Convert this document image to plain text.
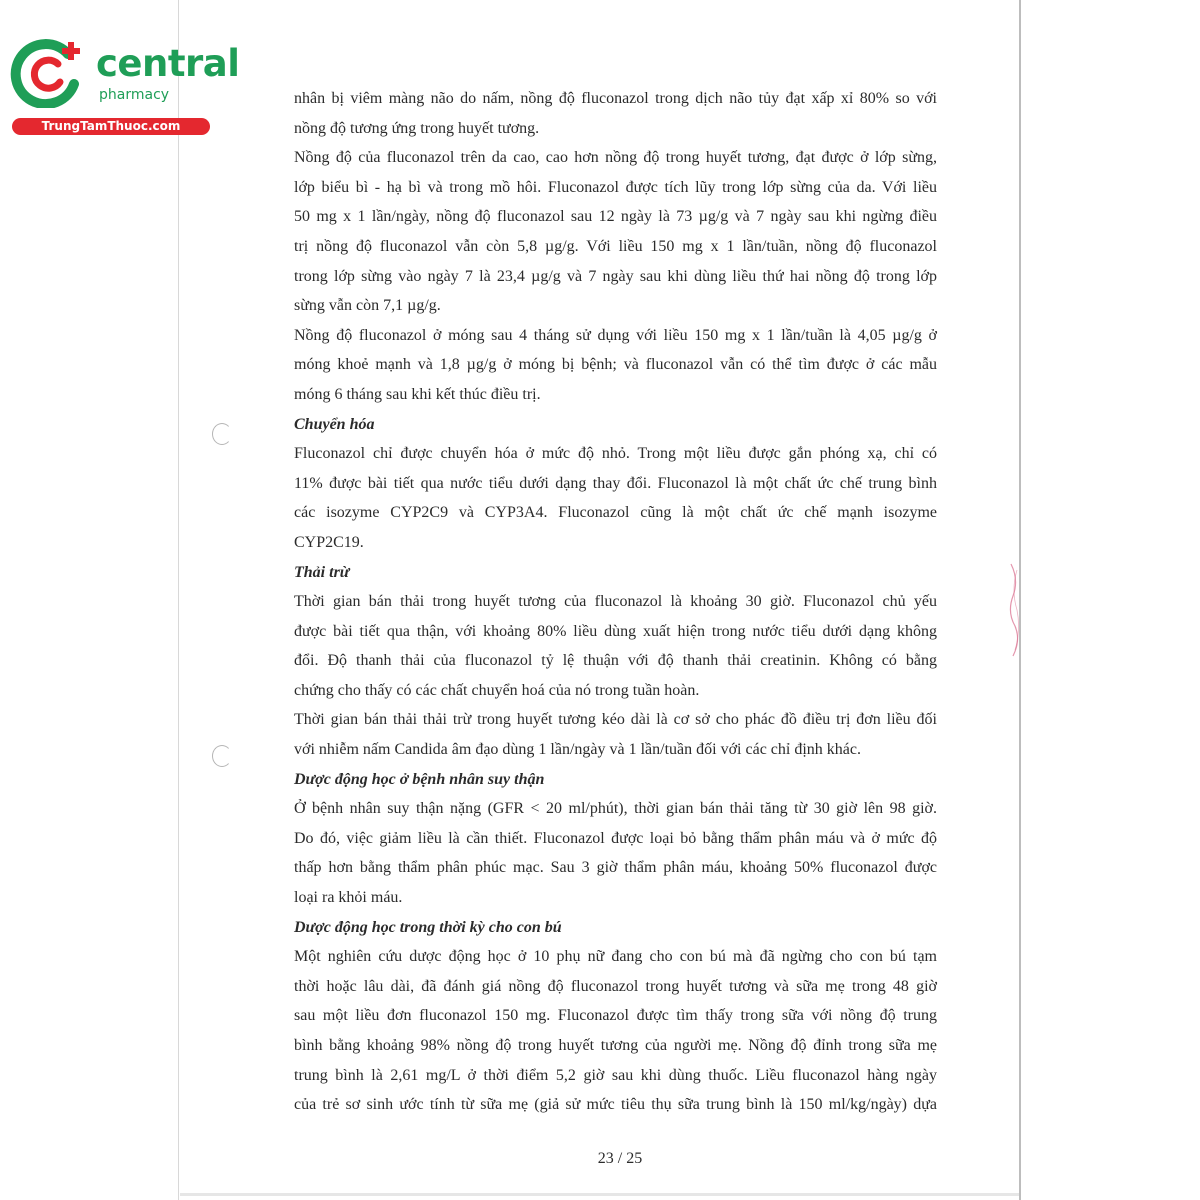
central
pharmacy
TrungTamThuoc.com
nhân bị viêm màng não do nấm, nồng độ fluconazol trong dịch não tủy đạt xấp xỉ 80% so với
nồng độ tương ứng trong huyết tương.
Nồng độ của fluconazol trên da cao, cao hơn nồng độ trong huyết tương, đạt được ở lớp sừng,
lớp biểu bì - hạ bì và trong mồ hôi. Fluconazol được tích lũy trong lớp sừng của da. Với liều
50 mg x 1 lần/ngày, nồng độ fluconazol sau 12 ngày là 73 µg/g và 7 ngày sau khi ngừng điều
trị nồng độ fluconazol vẫn còn 5,8 µg/g. Với liều 150 mg x 1 lần/tuần, nồng độ fluconazol
trong lớp sừng vào ngày 7 là 23,4 µg/g và 7 ngày sau khi dùng liều thứ hai nồng độ trong lớp
sừng vẫn còn 7,1 µg/g.
Nồng độ fluconazol ở móng sau 4 tháng sử dụng với liều 150 mg x 1 lần/tuần là 4,05 µg/g ở
móng khoẻ mạnh và 1,8 µg/g ở móng bị bệnh; và fluconazol vẫn có thể tìm được ở các mẫu
móng 6 tháng sau khi kết thúc điều trị.
Chuyển hóa
Fluconazol chỉ được chuyển hóa ở mức độ nhỏ. Trong một liều được gắn phóng xạ, chỉ có
11% được bài tiết qua nước tiểu dưới dạng thay đổi. Fluconazol là một chất ức chế trung bình
các isozyme CYP2C9 và CYP3A4. Fluconazol cũng là một chất ức chế mạnh isozyme
CYP2C19.
Thải trừ
Thời gian bán thải trong huyết tương của fluconazol là khoảng 30 giờ. Fluconazol chủ yếu
được bài tiết qua thận, với khoảng 80% liều dùng xuất hiện trong nước tiểu dưới dạng không
đổi. Độ thanh thải của fluconazol tỷ lệ thuận với độ thanh thải creatinin. Không có bằng
chứng cho thấy có các chất chuyển hoá của nó trong tuần hoàn.
Thời gian bán thải thải trừ trong huyết tương kéo dài là cơ sở cho phác đồ điều trị đơn liều đối
với nhiễm nấm Candida âm đạo dùng 1 lần/ngày và 1 lần/tuần đối với các chỉ định khác.
Dược động học ở bệnh nhân suy thận
Ở bệnh nhân suy thận nặng (GFR < 20 ml/phút), thời gian bán thải tăng từ 30 giờ lên 98 giờ.
Do đó, việc giảm liều là cần thiết. Fluconazol được loại bỏ bằng thẩm phân máu và ở mức độ
thấp hơn bằng thẩm phân phúc mạc. Sau 3 giờ thẩm phân máu, khoảng 50% fluconazol được
loại ra khỏi máu.
Dược động học trong thời kỳ cho con bú
Một nghiên cứu dược động học ở 10 phụ nữ đang cho con bú mà đã ngừng cho con bú tạm
thời hoặc lâu dài, đã đánh giá nồng độ fluconazol trong huyết tương và sữa mẹ trong 48 giờ
sau một liều đơn fluconazol 150 mg. Fluconazol được tìm thấy trong sữa với nồng độ trung
bình bằng khoảng 98% nồng độ trong huyết tương của người mẹ. Nồng độ đỉnh trong sữa mẹ
trung bình là 2,61 mg/L ở thời điểm 5,2 giờ sau khi dùng thuốc. Liều fluconazol hàng ngày
của trẻ sơ sinh ước tính từ sữa mẹ (giả sử mức tiêu thụ sữa trung bình là 150 ml/kg/ngày) dựa
23 / 25
